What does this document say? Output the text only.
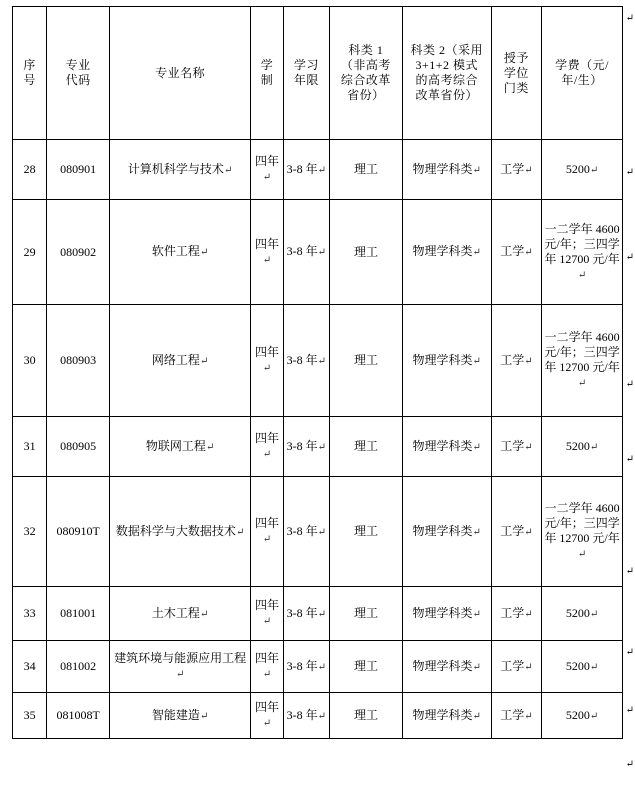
序号	专业代码	专业名称	学制	学习年限	科类 1（非高考综合改革省份）	科类 2（采用 3+1+2 模式的高考综合改革省份）	授予学位门类	学费（元/年/生）
28	080901	计算机科学与技术↵	四年↵	3-8 年↵	理工	物理学科类↵	工学↵	5200↵
29	080902	软件工程↵	四年↵	3-8 年↵	理工	物理学科类↵	工学↵	一二学年 4600 元/年；三四学年 12700 元/年↵
30	080903	网络工程↵	四年↵	3-8 年↵	理工	物理学科类↵	工学↵	一二学年 4600 元/年；三四学年 12700 元/年↵
31	080905	物联网工程↵	四年↵	3-8 年↵	理工	物理学科类↵	工学↵	5200↵
32	080910T	数据科学与大数据技术↵	四年↵	3-8 年↵	理工	物理学科类↵	工学↵	一二学年 4600 元/年；三四学年 12700 元/年↵
33	081001	土木工程↵	四年↵	3-8 年↵	理工	物理学科类↵	工学↵	5200↵
34	081002	建筑环境与能源应用工程↵	四年↵	3-8 年↵	理工	物理学科类↵	工学↵	5200↵
35	081008T	智能建造↵	四年↵	3-8 年↵	理工	物理学科类↵	工学↵	5200↵
↵
↵
↵
↵
↵
↵
↵
↵
↵
